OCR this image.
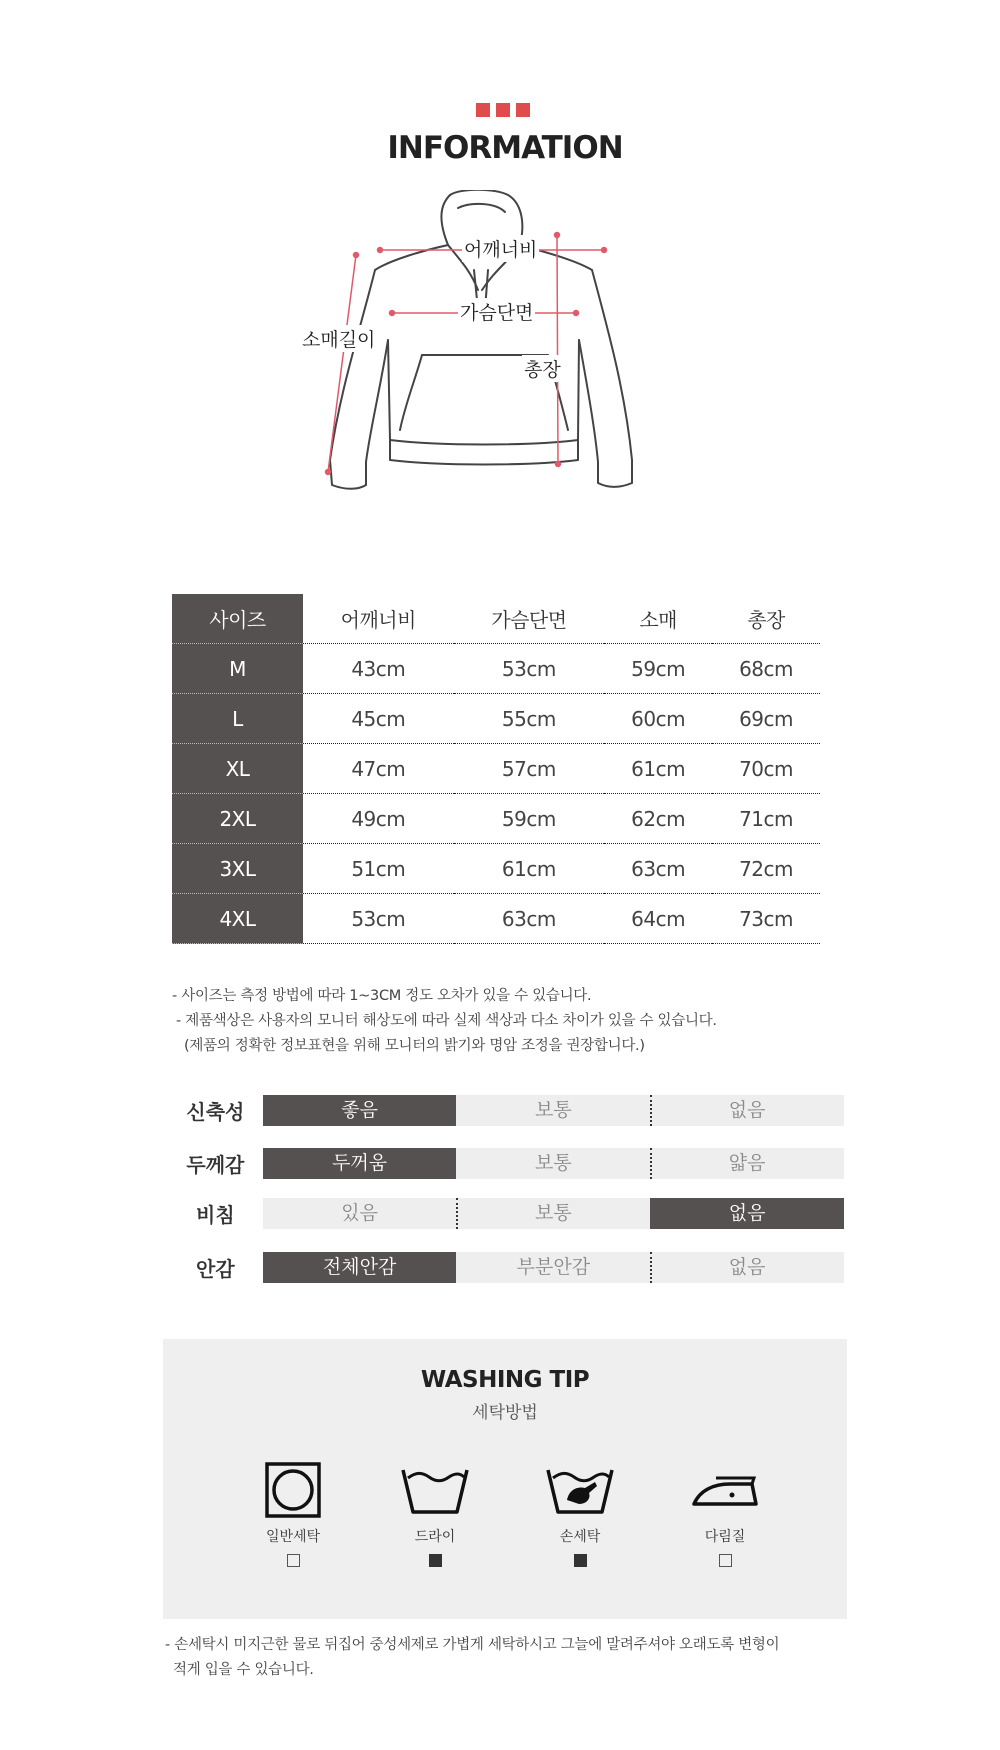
INFORMATION
어깨너비
가슴단면
소매길이
총장
사이즈	어깨너비	가슴단면	소매	총장
M	43cm	53cm	59cm	68cm
L	45cm	55cm	60cm	69cm
XL	47cm	57cm	61cm	70cm
2XL	49cm	59cm	62cm	71cm
3XL	51cm	61cm	63cm	72cm
4XL	53cm	63cm	64cm	73cm
- 사이즈는 측정 방법에 따라 1~3CM 정도 오차가 있을 수 있습니다.
- 제품색상은 사용자의 모니터 해상도에 따라 실제 색상과 다소 차이가 있을 수 있습니다.
(제품의 정확한 정보표현을 위해 모니터의 밝기와 명암 조정을 권장합니다.)
신축성	좋음	보통	없음
두께감	두꺼움	보통	얇음
비침	있음	보통	없음
안감	전체안감	부분안감	없음
WASHING TIP
세탁방법
일반세탁	드라이	손세탁	다림질
- 손세탁시 미지근한 물로 뒤집어 중성세제로 가볍게 세탁하시고 그늘에 말려주셔야 오래도록 변형이
적게 입을 수 있습니다.
